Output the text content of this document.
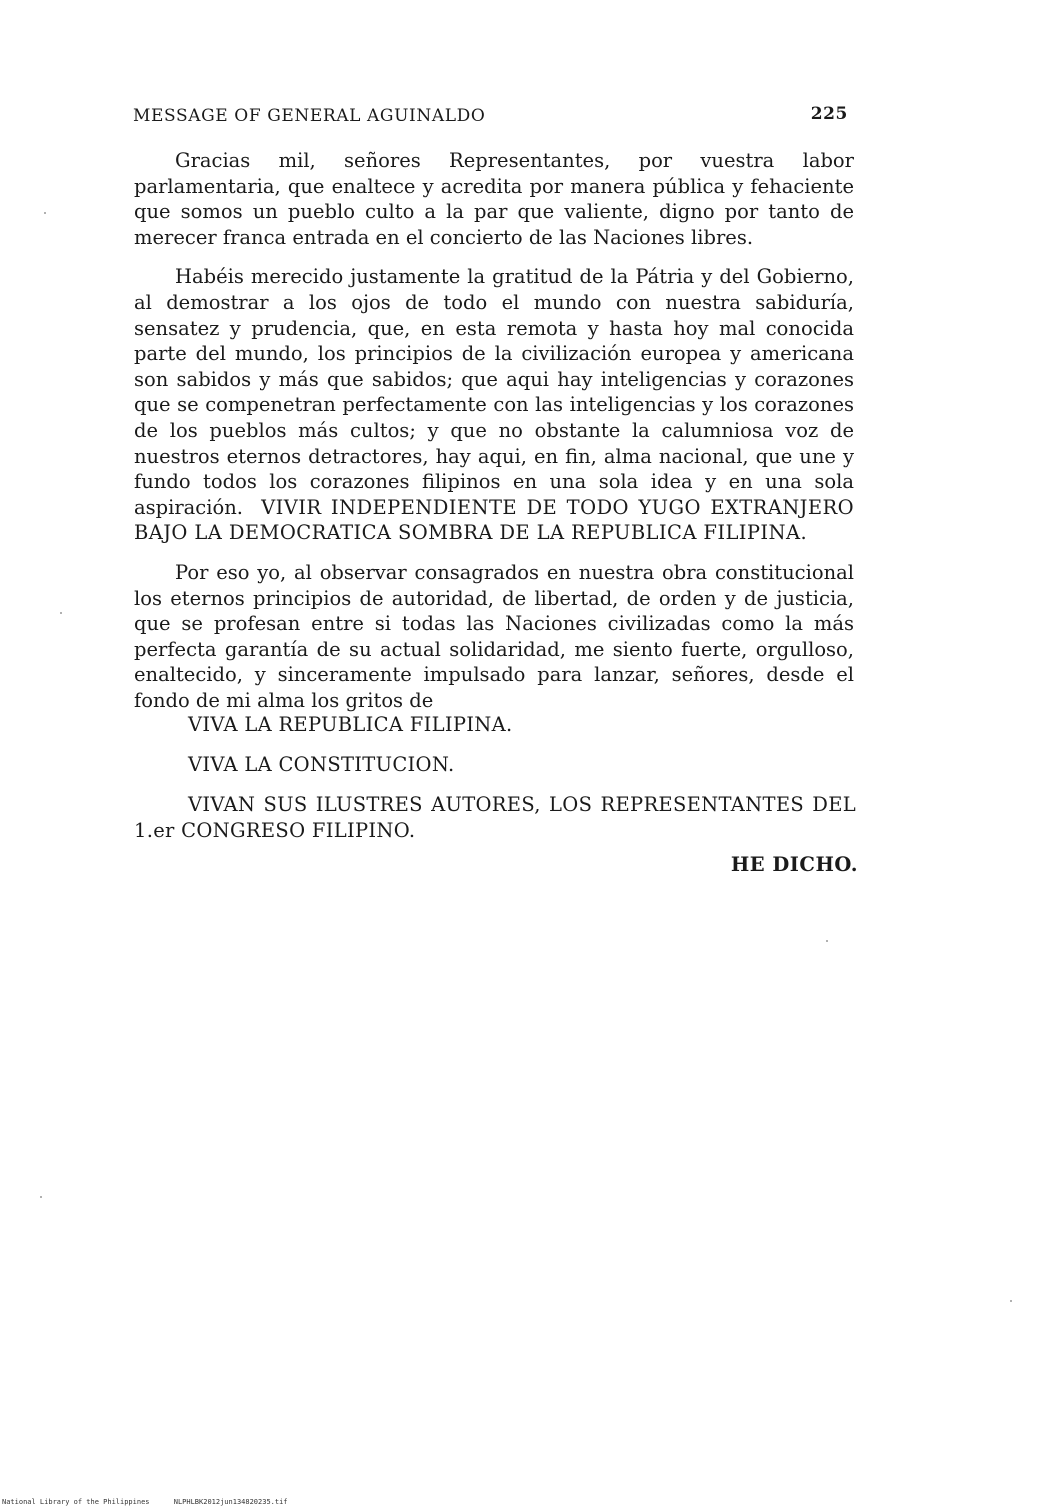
MESSAGE OF GENERAL AGUINALDO	225

Gracias mil, señores Representantes, por vuestra labor parlamentaria, que enaltece y acredita por manera pública y fehaciente que somos un pueblo culto a la par que valiente, digno por tanto de merecer franca entrada en el concierto de las Naciones libres.

Habéis merecido justamente la gratitud de la Pátria y del Gobierno, al demostrar a los ojos de todo el mundo con nuestra sabiduría, sensatez y prudencia, que, en esta remota y hasta hoy mal conocida parte del mundo, los principios de la civilización europea y americana son sabidos y más que sabidos; que aqui hay inteligencias y corazones que se compenetran perfectamente con las inteligencias y los corazones de los pueblos más cultos; y que no obstante la calumniosa voz de nuestros eternos detractores, hay aqui, en fin, alma nacional, que une y fundo todos los corazones filipinos en una sola idea y en una sola aspiración. VIVIR INDEPENDIENTE DE TODO YUGO EXTRANJERO BAJO LA DEMOCRATICA SOMBRA DE LA REPUBLICA FILIPINA.

Por eso yo, al observar consagrados en nuestra obra constitucional los eternos principios de autoridad, de libertad, de orden y de justicia, que se profesan entre si todas las Naciones civilizadas como la más perfecta garantía de su actual solidaridad, me siento fuerte, orgulloso, enaltecido, y sinceramente impulsado para lanzar, señores, desde el fondo de mi alma los gritos de

VIVA LA REPUBLICA FILIPINA.
VIVA LA CONSTITUCION.
VIVAN SUS ILUSTRES AUTORES, LOS REPRESENTANTES DEL 1.er CONGRESO FILIPINO.
HE DICHO.
National Library of the Philippines	NLPHLBK2012jun134820235.tif
